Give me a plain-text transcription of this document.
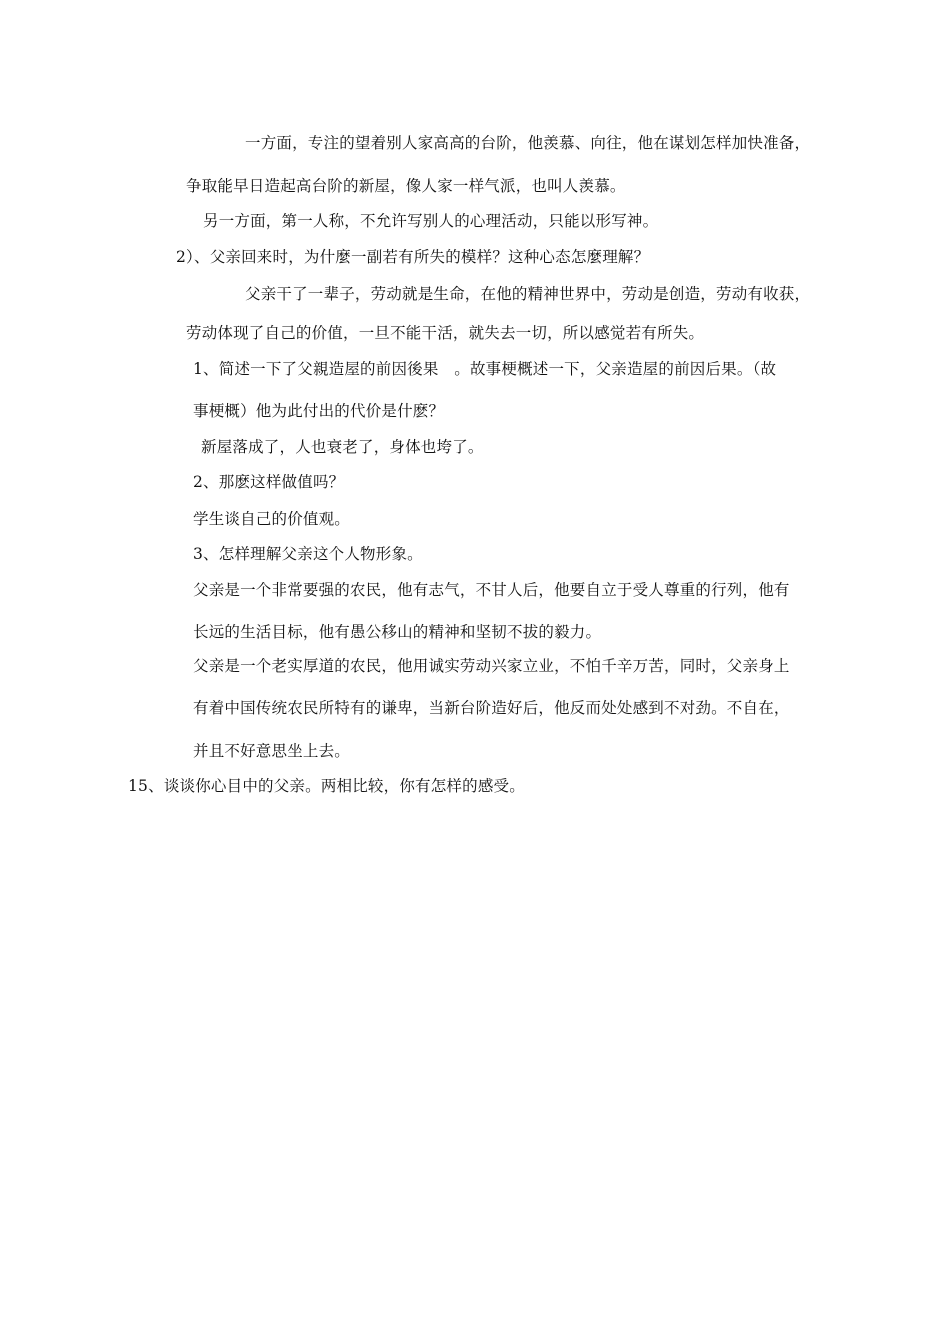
一方面，专注的望着别人家高高的台阶，他羡慕、向往，他在谋划怎样加快准备，
争取能早日造起高台阶的新屋，像人家一样气派，也叫人羡慕。
另一方面，第一人称，不允许写别人的心理活动，只能以形写神。
2）、父亲回来时，为什麼一副若有所失的模样？这种心态怎麼理解？
父亲干了一辈子，劳动就是生命，在他的精神世界中，劳动是创造，劳动有收获，
劳动体现了自己的价值，一旦不能干活，就失去一切，所以感觉若有所失。
1、简述一下了父親造屋的前因後果　。故事梗概述一下，父亲造屋的前因后果。（故
事梗概）他为此付出的代价是什麽？
新屋落成了，人也衰老了，身体也垮了。
2、那麽这样做值吗？
学生谈自己的价值观。
3、怎样理解父亲这个人物形象。
父亲是一个非常要强的农民，他有志气，不甘人后，他要自立于受人尊重的行列，他有
长远的生活目标，他有愚公移山的精神和坚韧不拔的毅力。
父亲是一个老实厚道的农民，他用诚实劳动兴家立业，不怕千辛万苦，同时，父亲身上
有着中国传统农民所特有的谦卑，当新台阶造好后，他反而处处感到不对劲。不自在，
并且不好意思坐上去。
15、谈谈你心目中的父亲。两相比较，你有怎样的感受。
